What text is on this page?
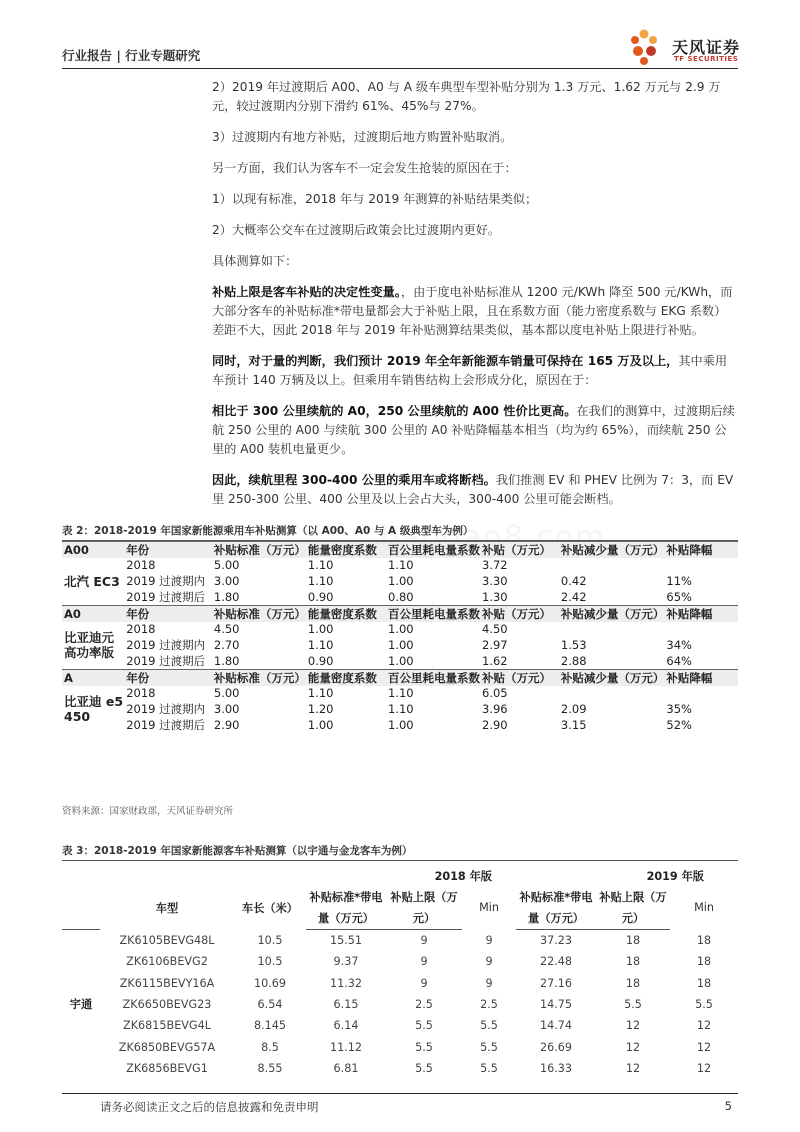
行业报告 | 行业专题研究	天风证券
TF SECURITIES

2）2019 年过渡期后 A00、A0 与 A 级车典型车型补贴分别为 1.3 万元、1.62 万元与 2.9 万元，较过渡期内分别下滑约 61%、45%与 27%。

3）过渡期内有地方补贴，过渡期后地方购置补贴取消。

另一方面，我们认为客车不一定会发生抢装的原因在于：

1）以现有标准，2018 年与 2019 年测算的补贴结果类似；

2）大概率公交车在过渡期后政策会比过渡期内更好。

具体测算如下：

补贴上限是客车补贴的决定性变量。，由于度电补贴标准从 1200 元/KWh 降至 500 元/KWh，而大部分客车的补贴标准*带电量都会大于补贴上限，且在系数方面（能力密度系数与 EKG 系数）差距不大，因此 2018 年与 2019 年补贴测算结果类似，基本都以度电补贴上限进行补贴。

同时，对于量的判断，我们预计 2019 年全年新能源车销量可保持在 165 万及以上，其中乘用车预计 140 万辆及以上。但乘用车销售结构上会形成分化，原因在于：

相比于 300 公里续航的 A0，250 公里续航的 A00 性价比更高。在我们的测算中，过渡期后续航 250 公里的 A00 与续航 300 公里的 A0 补贴降幅基本相当（均为约 65%），而续航 250 公里的 A00 装机电量更少。

因此，续航里程 300-400 公里的乘用车或将断档。我们推测 EV 和 PHEV 比例为 7：3，而 EV 里 250-300 公里、400 公里及以上会占大头，300-400 公里可能会断档。

表 2：2018-2019 年国家新能源乘用车补贴测算（以 A00、A0 与 A 级典型车为例）
A00	年份	补贴标准（万元）	能量密度系数	百公里耗电量系数	补贴（万元）	补贴减少量（万元）	补贴降幅
北汽 EC3	2018	5.00	1.10	1.10	3.72		
	2019 过渡期内	3.00	1.10	1.00	3.30	0.42	11%
	2019 过渡期后	1.80	0.90	0.80	1.30	2.42	65%
A0	年份	补贴标准（万元）	能量密度系数	百公里耗电量系数	补贴（万元）	补贴减少量（万元）	补贴降幅
比亚迪元高功率版	2018	4.50	1.00	1.00	4.50		
	2019 过渡期内	2.70	1.10	1.00	2.97	1.53	34%
	2019 过渡期后	1.80	0.90	1.00	1.62	2.88	64%
A	年份	补贴标准（万元）	能量密度系数	百公里耗电量系数	补贴（万元）	补贴减少量（万元）	补贴降幅
比亚迪 e5 450	2018	5.00	1.10	1.10	6.05		
	2019 过渡期内	3.00	1.20	1.10	3.96	2.09	35%
	2019 过渡期后	2.90	1.00	1.00	2.90	3.15	52%
资料来源：国家财政部，天风证券研究所
表 3：2018-2019 年国家新能源客车补贴测算（以宇通与金龙客车为例）
			2018 年版			2019 年版		
	车型	车长（米）	补贴标准*带电	补贴上限（万	Min	补贴标准*带电	补贴上限（万	Min
			量（万元）	元）		量（万元）	元）	
宇通	ZK6105BEVG48L	10.5	15.51	9	9	37.23	18	18
	ZK6106BEVG2	10.5	9.37	9	9	22.48	18	18
	ZK6115BEVY16A	10.69	11.32	9	9	27.16	18	18
	ZK6650BEVG23	6.54	6.15	2.5	2.5	14.75	5.5	5.5
	ZK6815BEVG4L	8.145	6.14	5.5	5.5	14.74	12	12
	ZK6850BEVG57A	8.5	11.12	5.5	5.5	26.69	12	12
	ZK6856BEVG1	8.55	6.81	5.5	5.5	16.33	12	12
请务必阅读正文之后的信息披露和免责申明	5
